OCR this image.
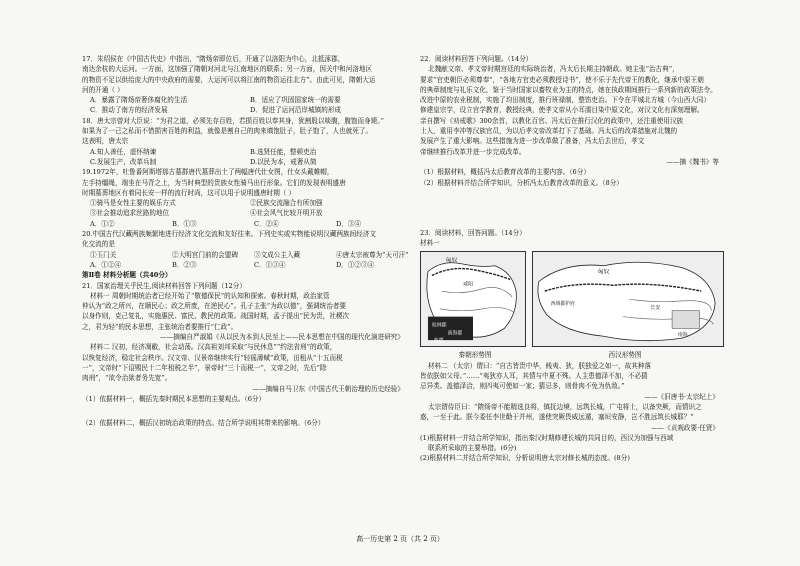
17．朱绍侯在《中国古代史》中指出，“隋炀帝即位后，开通了以洛阳为中心，北抵涿郡，

南达余杭的大运河。一方面，这加强了隋朝对河北与江南地区的联系；另一方面，因关中和河洛地区

的物资不足以供给庞大的中央政府的需要，大运河可以将江南的物资运往北方”。由此可见，隋朝大运

河的开通（ ）

A．暴露了隋炀帝奢侈腐化的生活	B．适应了巩固国家统一的需要
C．推动了南方的经济发展	D．促进了运河沿岸城镇的形成

18．唐太宗曾对大臣说：“为君之道，必须先存百姓，若损百姓以奉其身，犹割股以啖腹，腹饱而身毙。”

如果为了一己之私而不惜损害百姓的利益，就像是割自己的肉来填饱肚子，肚子饱了，人也就死了。

这表明，唐太宗

A.知人善任，虚怀纳谏	B.选贤任能，整顿吏治
C.发展生产，改革兵制	D.以民为本，戒奢从简

19.1972年，吐鲁番阿斯塔那古墓群唐代墓葬出土了两幅唐代仕女图，仕女头戴帷帽，

左手持缰绳，端坐在马背之上，为当时典型的贵族女性骑马出行形象。它们的发现表明盛唐

时期墓葬地区有着同长安一样的流行时尚，这可以用于说明盛唐时期（ ）

①骑马是女性主要的娱乐方式	②民族交流融合有所加强
③社会推动追求丝路的地位	④社会风气比较开明开放
A．①②	B．①③	C．②④	D．③④

20.中国古代汉藏两族频繁地进行经济文化交流和友好往来。下列史实或实物能说明汉藏两族间经济文

化交流的是

①玉门关	②大明宫门前的会盟碑	③文成公主入藏	④唐太宗被尊为“天可汗”
A．①②④	B．②③	C．①③④	D．①②③④

第Ⅱ卷 材料分析题（共40分）

21．国家治理关乎民生,阅读材料回答下列问题（12分）

材料一 周朝时期统治者已经开始了“敬德保民”的认知和探索。春秋时期，政治家管

仲认为“政之所兴，在顺民心；政之所废，在逆民心”。孔子主张“为政以德”，强调统治者要

以身作则，克己复礼，实施惠民、富民、教民的政策。战国时期，孟子提出“民为贵，社稷次

之，君为轻”的民本思想，主张统治者要推行“仁政”。

——摘编自严淑娟《从以民为本到人民至上——民本思想在中国的现代化演进研究》

材料二 汉初，经济凋敝，社会动荡。汉高祖刘邦采取“与民休息”“约法省刑”的政策，

以恢复经济，稳定社会秩序。汉文帝、汉景帝继续实行“轻徭薄赋”政策，田租从“十五而税

一”，文帝时“下诏赐民十二年租税之半”，景帝时“三十而税一”，文帝之时，先后“除

肉刑”，“欲令治狱者务先宽”。

——摘编自马卫东《中国古代王朝治理的历史经验》

（1）依据材料一，概括先秦时期民本思想的主要观点。（6分）

（2）依据材料二，概括汉初统治政策的特点。结合所学说明其带来的影响。（6分）

22．阅读材料回答下列问题。（14分）

北魏献文帝、孝文帝时期宫廷的实际统治者，冯太后长期主持朝政。她主张“治古典”，

要求“官吏朝臣必须尊奉”，“各地方官吏必须教授诗书”，使不乐于先代帝王的教化，继承中原王朝

的典章制度与礼乐文化，鉴于当时国家以畜牧业为主的特点，她在执政期间推行一系列新的政策法令。

改进中原的农业税制，实施了均田制度，推行班禄制，整饬吏治。下令在平城北方城（今山西大同）

修建皇宗学，设立官学教育，教授经典，使孝文帝从小耳濡目染中原文化，对汉文化有深刻理解。

亲自撰写《劝戒歌》300余首，以教化百官。冯太后在推行汉化的政策中，还注重使用汉族

士人，重用李冲等汉族官员，为以后孝文帝改革打下了基础。冯太后的改革措施对北魏的

发展产生了重大影响。这些措施为进一步改革做了准备，冯太后去世后，孝文

帝继续推行改革并进一步完成改革。

——摘《魏书》等

（1）根据材料，概括冯太后教育改革的主要内容。（6分）

（2）根据材料并结合所学知识，分析冯太后教育改革的意义。（8分）

23．阅读材料，回答问题。（14分）

材料一

匈奴
咸阳
桂林郡
南海郡
象郡
匈奴
长安
西域都护府
南海
秦朝形势图	西汉形势图

材料二 （太宗）谓曰：“自古皆贵中华，贱夷、狄，朕独爱之如一，故其种落

皆依朕如父母。”……“夷狄亦人耳，其情与中夏不殊。人主患德泽不加，不必猜

忌异类。盖德泽洽，则四夷可使如一家；猜忌多，则骨肉不免为仇敌。”

——《旧唐书·太宗纪上》

太宗谓侍臣曰：“隋炀帝不能精选良将，镇抚边境，远筑长城，广屯将士，以备突厥，而情识之

惑，一至于此。朕今委任李世勣于并州，遂使突厥畏威远遁，塞垣安静，岂不胜远筑长城耶？”

——《贞观政要·任贤》

(1)根据材料一并结合所学知识，指出秦汉时期修建长城的共同目的，西汉为加强与西域

联系所采取的主要举措。(6分)

(2)根据材料二并结合所学知识，分析说明唐太宗对修长城的态度。(8分)

高一历史第 2 页（共 2 页）
